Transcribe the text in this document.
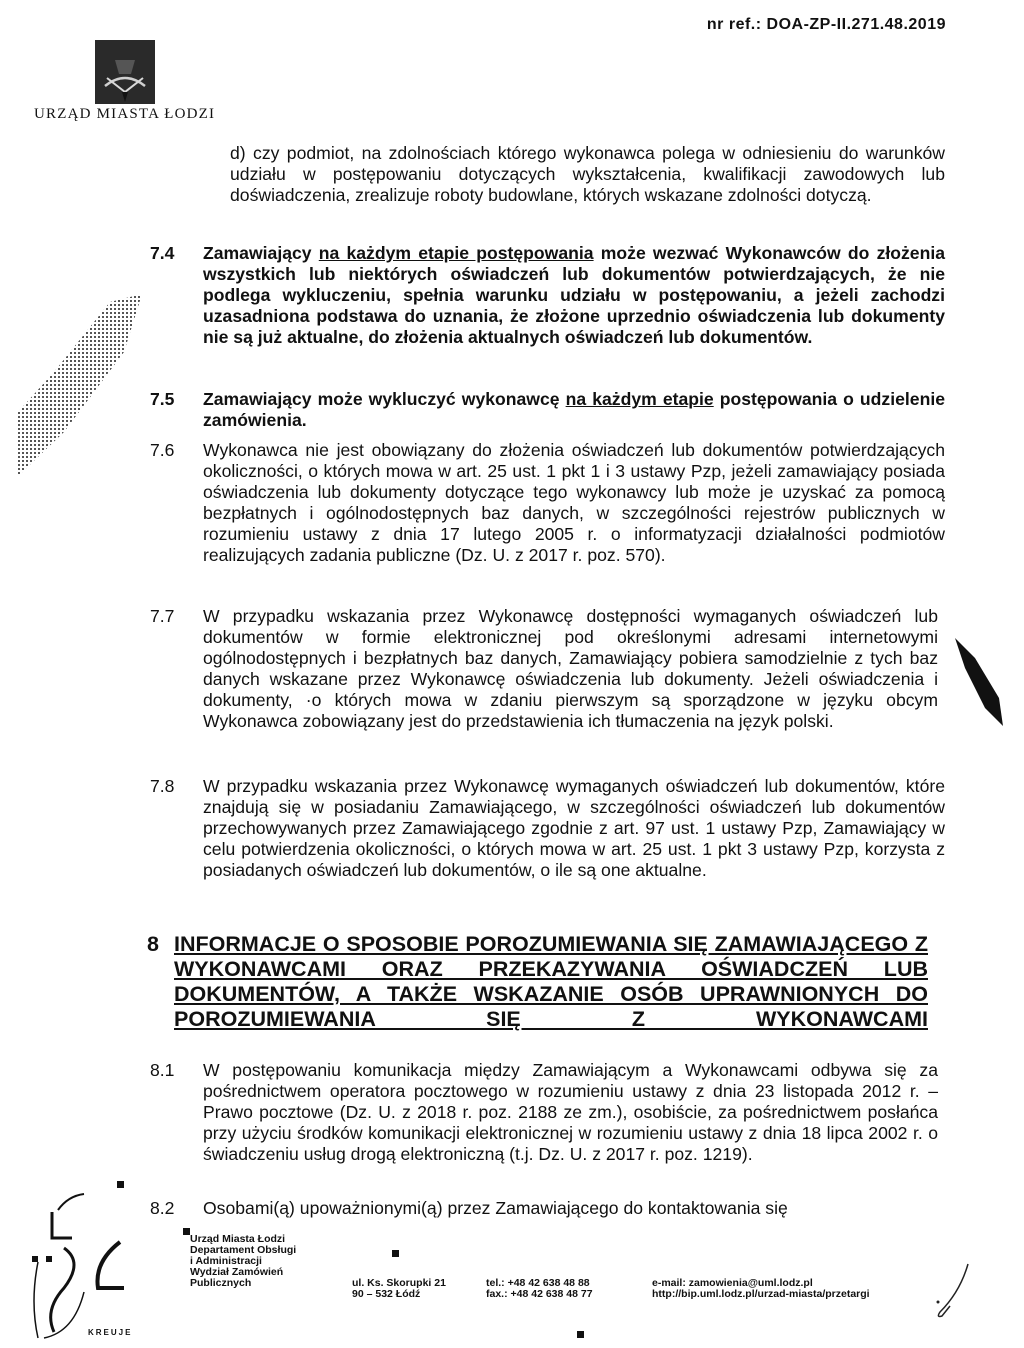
nr ref.: DOA-ZP-II.271.48.2019
URZĄD MIASTA ŁODZI
d) czy podmiot, na zdolnościach którego wykonawca polega w odniesieniu do warunków udziału w postępowaniu dotyczących wykształcenia, kwalifikacji zawodowych lub doświadczenia, zrealizuje roboty budowlane, których wskazane zdolności dotyczą.
7.4 Zamawiający na każdym etapie postępowania może wezwać Wykonawców do złożenia wszystkich lub niektórych oświadczeń lub dokumentów potwierdzających, że nie podlega wykluczeniu, spełnia warunku udziału w postępowaniu, a jeżeli zachodzi uzasadniona podstawa do uznania, że złożone uprzednio oświadczenia lub dokumenty nie są już aktualne, do złożenia aktualnych oświadczeń lub dokumentów.
7.5 Zamawiający może wykluczyć wykonawcę na każdym etapie postępowania o udzielenie zamówienia.
7.6 Wykonawca nie jest obowiązany do złożenia oświadczeń lub dokumentów potwierdzających okoliczności, o których mowa w art. 25 ust. 1 pkt 1 i 3 ustawy Pzp, jeżeli zamawiający posiada oświadczenia lub dokumenty dotyczące tego wykonawcy lub może je uzyskać za pomocą bezpłatnych i ogólnodostępnych baz danych, w szczególności rejestrów publicznych w rozumieniu ustawy z dnia 17 lutego 2005 r. o informatyzacji działalności podmiotów realizujących zadania publiczne (Dz. U. z 2017 r. poz. 570).
7.7 W przypadku wskazania przez Wykonawcę dostępności wymaganych oświadczeń lub dokumentów w formie elektronicznej pod określonymi adresami internetowymi ogólnodostępnych i bezpłatnych baz danych, Zamawiający pobiera samodzielnie z tych baz danych wskazane przez Wykonawcę oświadczenia lub dokumenty. Jeżeli oświadczenia i dokumenty, ·o których mowa w zdaniu pierwszym są sporządzone w języku obcym Wykonawca zobowiązany jest do przedstawienia ich tłumaczenia na język polski.
7.8 W przypadku wskazania przez Wykonawcę wymaganych oświadczeń lub dokumentów, które znajdują się w posiadaniu Zamawiającego, w szczególności oświadczeń lub dokumentów przechowywanych przez Zamawiającego zgodnie z art. 97 ust. 1 ustawy Pzp, Zamawiający w celu potwierdzenia okoliczności, o których mowa w art. 25 ust. 1 pkt 3 ustawy Pzp, korzysta z posiadanych oświadczeń lub dokumentów, o ile są one aktualne.
8 INFORMACJE O SPOSOBIE POROZUMIEWANIA SIĘ ZAMAWIAJĄCEGO Z WYKONAWCAMI ORAZ PRZEKAZYWANIA OŚWIADCZEŃ LUB DOKUMENTÓW, A TAKŻE WSKAZANIE OSÓB UPRAWNIONYCH DO POROZUMIEWANIA SIĘ Z WYKONAWCAMI
8.1 W postępowaniu komunikacja między Zamawiającym a Wykonawcami odbywa się za pośrednictwem operatora pocztowego w rozumieniu ustawy z dnia 23 listopada 2012 r. – Prawo pocztowe (Dz. U. z 2018 r. poz. 2188 ze zm.), osobiście, za pośrednictwem posłańca przy użyciu środków komunikacji elektronicznej w rozumieniu ustawy z dnia 18 lipca 2002 r. o świadczeniu usług drogą elektroniczną (t.j. Dz. U. z 2017 r. poz. 1219).
8.2 Osobami(ą) upoważnionymi(ą) przez Zamawiającego do kontaktowania się
KREUJE
Urząd Miasta Łodzi
Departament Obsługi
i Administracji
Wydział Zamówień
Publicznych	ul. Ks. Skorupki 21
90 – 532 Łódź
tel.: +48 42 638 48 88
fax.: +48 42 638 48 77
e-mail: zamowienia@uml.lodz.pl
http://bip.uml.lodz.pl/urzad-miasta/przetargi
